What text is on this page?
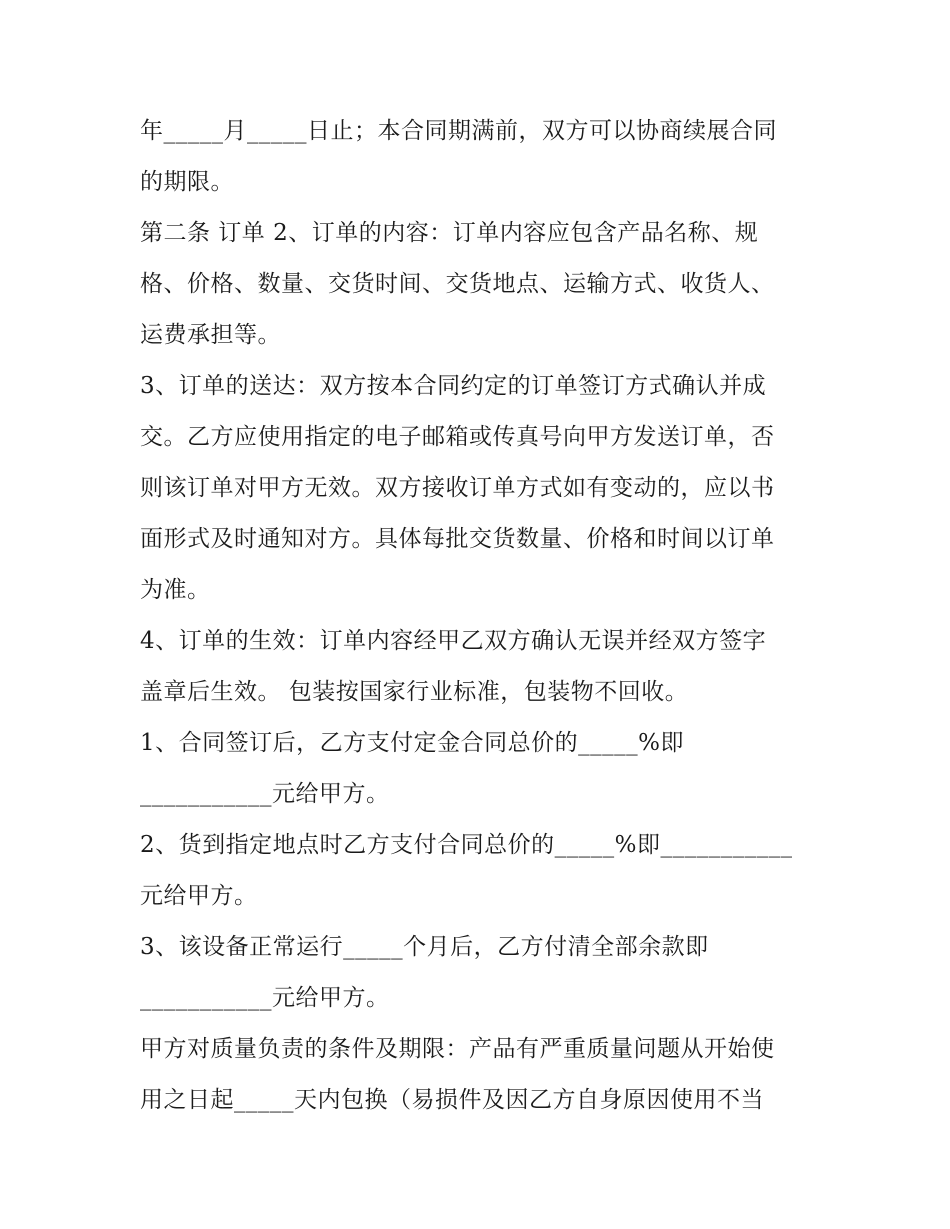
年_____月_____日止；本合同期满前，双方可以协商续展合同
的期限。
第二条 订单 2、订单的内容：订单内容应包含产品名称、规
格、价格、数量、交货时间、交货地点、运输方式、收货人、
运费承担等。
3、订单的送达：双方按本合同约定的订单签订方式确认并成
交。乙方应使用指定的电子邮箱或传真号向甲方发送订单，否
则该订单对甲方无效。双方接收订单方式如有变动的，应以书
面形式及时通知对方。具体每批交货数量、价格和时间以订单
为准。
4、订单的生效：订单内容经甲乙双方确认无误并经双方签字
盖章后生效。 包装按国家行业标准，包装物不回收。
1、合同签订后，乙方支付定金合同总价的_____%即
___________元给甲方。
2、货到指定地点时乙方支付合同总价的_____%即___________
元给甲方。
3、该设备正常运行_____个月后，乙方付清全部余款即
___________元给甲方。
甲方对质量负责的条件及期限：产品有严重质量问题从开始使
用之日起_____天内包换（易损件及因乙方自身原因使用不当
